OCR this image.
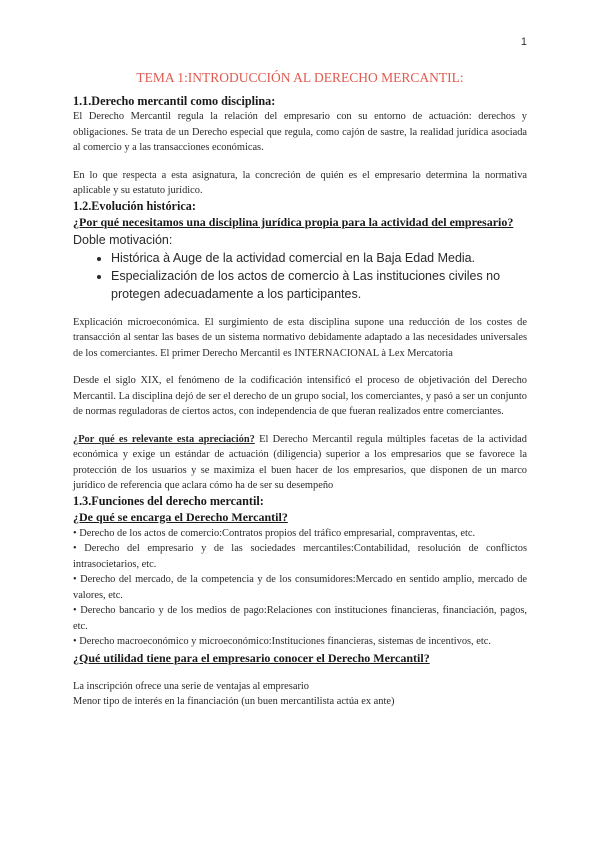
1
TEMA 1:INTRODUCCIÓN AL DERECHO MERCANTIL:
1.1.Derecho mercantil como disciplina:

El Derecho Mercantil regula la relación del empresario con su entorno de actuación: derechos y obligaciones. Se trata de un Derecho especial que regula, como cajón de sastre, la realidad jurídica asociada al comercio y a las transacciones económicas.

En lo que respecta a esta asignatura, la concreción de quién es el empresario determina la normativa aplicable y su estatuto jurídico.

1.2.Evolución histórica:
¿Por qué necesitamos una disciplina jurídica propia para la actividad del empresario?
Doble motivación:
• Histórica à Auge de la actividad comercial en la Baja Edad Media.
• Especialización de los actos de comercio à Las instituciones civiles no protegen adecuadamente a los participantes.

Explicación microeconómica. El surgimiento de esta disciplina supone una reducción de los costes de transacción al sentar las bases de un sistema normativo debidamente adaptado a las necesidades universales de los comerciantes. El primer Derecho Mercantil es INTERNACIONAL à Lex Mercatoria

Desde el siglo XIX, el fenómeno de la codificación intensificó el proceso de objetivación del Derecho Mercantil. La disciplina dejó de ser el derecho de un grupo social, los comerciantes, y pasó a ser un conjunto de normas reguladoras de ciertos actos, con independencia de que fueran realizados entre comerciantes.

¿Por qué es relevante esta apreciación? El Derecho Mercantil regula múltiples facetas de la actividad económica y exige un estándar de actuación (diligencia) superior a los empresarios que se favorece la protección de los usuarios y se maximiza el buen hacer de los empresarios, que disponen de un marco jurídico de referencia que aclara cómo ha de ser su desempeño

1.3.Funciones del derecho mercantil:
¿De qué se encarga el Derecho Mercantil?

• Derecho de los actos de comercio:Contratos propios del tráfico empresarial, compraventas, etc.

• Derecho del empresario y de las sociedades mercantiles:Contabilidad, resolución de conflictos intrasocietarios, etc.

• Derecho del mercado, de la competencia y de los consumidores:Mercado en sentido amplio, mercado de valores, etc.

• Derecho bancario y de los medios de pago:Relaciones con instituciones financieras, financiación, pagos, etc.

• Derecho macroeconómico y microeconómico:Instituciones financieras, sistemas de incentivos, etc.

¿Qué utilidad tiene para el empresario conocer el Derecho Mercantil?
La inscripción ofrece una serie de ventajas al empresario
Menor tipo de interés en la financiación (un buen mercantilista actúa ex ante)
